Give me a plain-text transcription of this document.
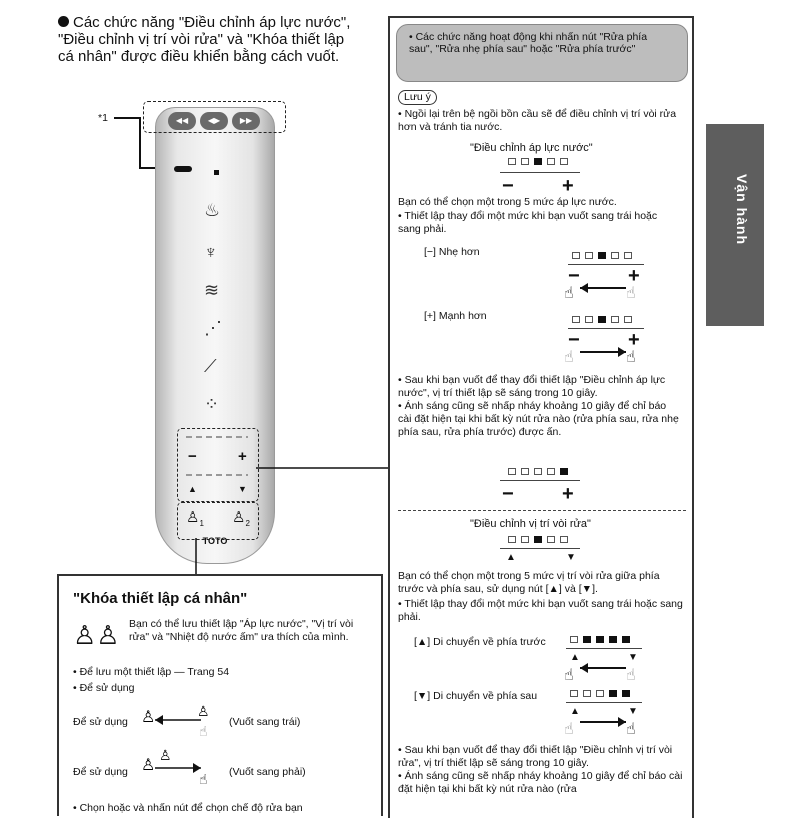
Các chức năng "Điều chỉnh áp lực nước", "Điều chỉnh vị trí vòi rửa" và "Khóa thiết lập cá nhân" được điều khiển bằng cách vuốt.
*1
Vận hành
◀◀	◀▶	▶▶
♨
♆
≋
⋰
⟋
⁘
−	+
▲	▼
$♙_1$ $♙_2$
TOTO
• Các chức năng hoạt động khi nhấn nút "Rửa phía sau", "Rửa nhẹ phía sau" hoặc "Rửa phía trước"
Lưu ý
• Ngồi lại trên bệ ngồi bồn cầu sẽ để điều chỉnh vị trí vòi rửa hơn và tránh tia nước.
"Điều chỉnh áp lực nước"
− +
Bạn có thể chọn một trong 5 mức áp lực nước.
• Thiết lập thay đổi một mức khi bạn vuốt sang trái hoặc sang phải.
[−] Nhẹ hơn
− +
☝	☝
[+] Mạnh hơn
− +
☝	☝
• Sau khi bạn vuốt để thay đổi thiết lập "Điều chỉnh áp lực nước", vị trí thiết lập sẽ sáng trong 10 giây.
• Ánh sáng cũng sẽ nhấp nháy khoảng 10 giây để chỉ báo cài đặt hiện tại khi bất kỳ nút rửa nào (rửa phía sau, rửa nhẹ phía sau, rửa phía trước) được ấn.
− +
"Điều chỉnh vị trí vòi rửa"
▲	▼
Bạn có thể chọn một trong 5 mức vị trí vòi rửa giữa phía trước và phía sau, sử dụng nút [▲] và [▼].
• Thiết lập thay đổi một mức khi bạn vuốt sang trái hoặc sang phải.
[▲] Di chuyển về phía trước
▲	▼
☝	☝
[▼] Di chuyển về phía sau
▲	▼
☝	☝
• Sau khi bạn vuốt để thay đổi thiết lập "Điều chỉnh vị trí vòi rửa", vị trí thiết lập sẽ sáng trong 10 giây.
• Ánh sáng cũng sẽ nhấp nháy khoảng 10 giây để chỉ báo cài đặt hiện tại khi bất kỳ nút rửa nào (rửa
"Khóa thiết lập cá nhân"
♙♙ Bạn có thể lưu thiết lập "Áp lực nước", "Vị trí vòi rửa" và "Nhiệt độ nước ấm" ưa thích của mình.
• Để lưu một thiết lập — Trang 54
• Để sử dụng
Để sử dụng ♙	♙
☝
(Vuốt sang trái)
Để sử dụng ♙ ♙
☝ (Vuốt sang phải)
• Chọn hoặc và nhấn nút để chọn chế độ rửa bạn
